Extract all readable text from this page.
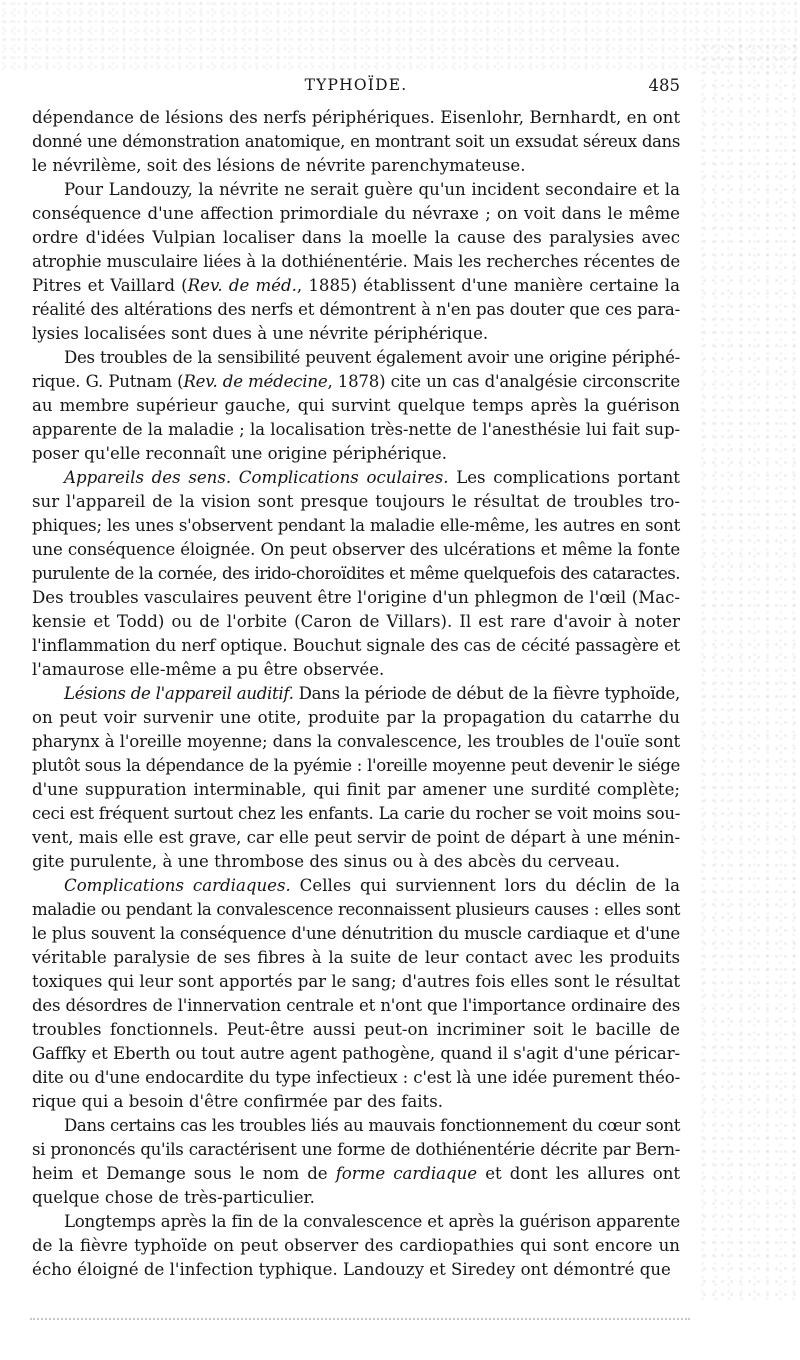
TYPHOÏDE.	485
dépendance de lésions des nerfs périphériques. Eisenlohr, Bernhardt, en ont
donné une démonstration anatomique, en montrant soit un exsudat séreux dans
le névrilème, soit des lésions de névrite parenchymateuse.
Pour Landouzy, la névrite ne serait guère qu'un incident secondaire et la
conséquence d'une affection primordiale du névraxe ; on voit dans le même
ordre d'idées Vulpian localiser dans la moelle la cause des paralysies avec
atrophie musculaire liées à la dothiénentérie. Mais les recherches récentes de
Pitres et Vaillard (Rev. de méd., 1885) établissent d'une manière certaine la
réalité des altérations des nerfs et démontrent à n'en pas douter que ces para-
lysies localisées sont dues à une névrite périphérique.
Des troubles de la sensibilité peuvent également avoir une origine périphé-
rique. G. Putnam (Rev. de médecine, 1878) cite un cas d'analgésie circonscrite
au membre supérieur gauche, qui survint quelque temps après la guérison
apparente de la maladie ; la localisation très-nette de l'anesthésie lui fait sup-
poser qu'elle reconnaît une origine périphérique.
Appareils des sens. Complications oculaires. Les complications portant
sur l'appareil de la vision sont presque toujours le résultat de troubles tro-
phiques; les unes s'observent pendant la maladie elle-même, les autres en sont
une conséquence éloignée. On peut observer des ulcérations et même la fonte
purulente de la cornée, des irido-choroïdites et même quelquefois des cataractes.
Des troubles vasculaires peuvent être l'origine d'un phlegmon de l'œil (Mac-
kensie et Todd) ou de l'orbite (Caron de Villars). Il est rare d'avoir à noter
l'inflammation du nerf optique. Bouchut signale des cas de cécité passagère et
l'amaurose elle-même a pu être observée.
Lésions de l'appareil auditif. Dans la période de début de la fièvre typhoïde,
on peut voir survenir une otite, produite par la propagation du catarrhe du
pharynx à l'oreille moyenne; dans la convalescence, les troubles de l'ouïe sont
plutôt sous la dépendance de la pyémie : l'oreille moyenne peut devenir le siége
d'une suppuration interminable, qui finit par amener une surdité complète;
ceci est fréquent surtout chez les enfants. La carie du rocher se voit moins sou-
vent, mais elle est grave, car elle peut servir de point de départ à une ménin-
gite purulente, à une thrombose des sinus ou à des abcès du cerveau.
Complications cardiaques. Celles qui surviennent lors du déclin de la
maladie ou pendant la convalescence reconnaissent plusieurs causes : elles sont
le plus souvent la conséquence d'une dénutrition du muscle cardiaque et d'une
véritable paralysie de ses fibres à la suite de leur contact avec les produits
toxiques qui leur sont apportés par le sang; d'autres fois elles sont le résultat
des désordres de l'innervation centrale et n'ont que l'importance ordinaire des
troubles fonctionnels. Peut-être aussi peut-on incriminer soit le bacille de
Gaffky et Eberth ou tout autre agent pathogène, quand il s'agit d'une péricar-
dite ou d'une endocardite du type infectieux : c'est là une idée purement théo-
rique qui a besoin d'être confirmée par des faits.
Dans certains cas les troubles liés au mauvais fonctionnement du cœur sont
si prononcés qu'ils caractérisent une forme de dothiénentérie décrite par Bern-
heim et Demange sous le nom de forme cardiaque et dont les allures ont
quelque chose de très-particulier.
Longtemps après la fin de la convalescence et après la guérison apparente
de la fièvre typhoïde on peut observer des cardiopathies qui sont encore un
écho éloigné de l'infection typhique. Landouzy et Siredey ont démontré que
